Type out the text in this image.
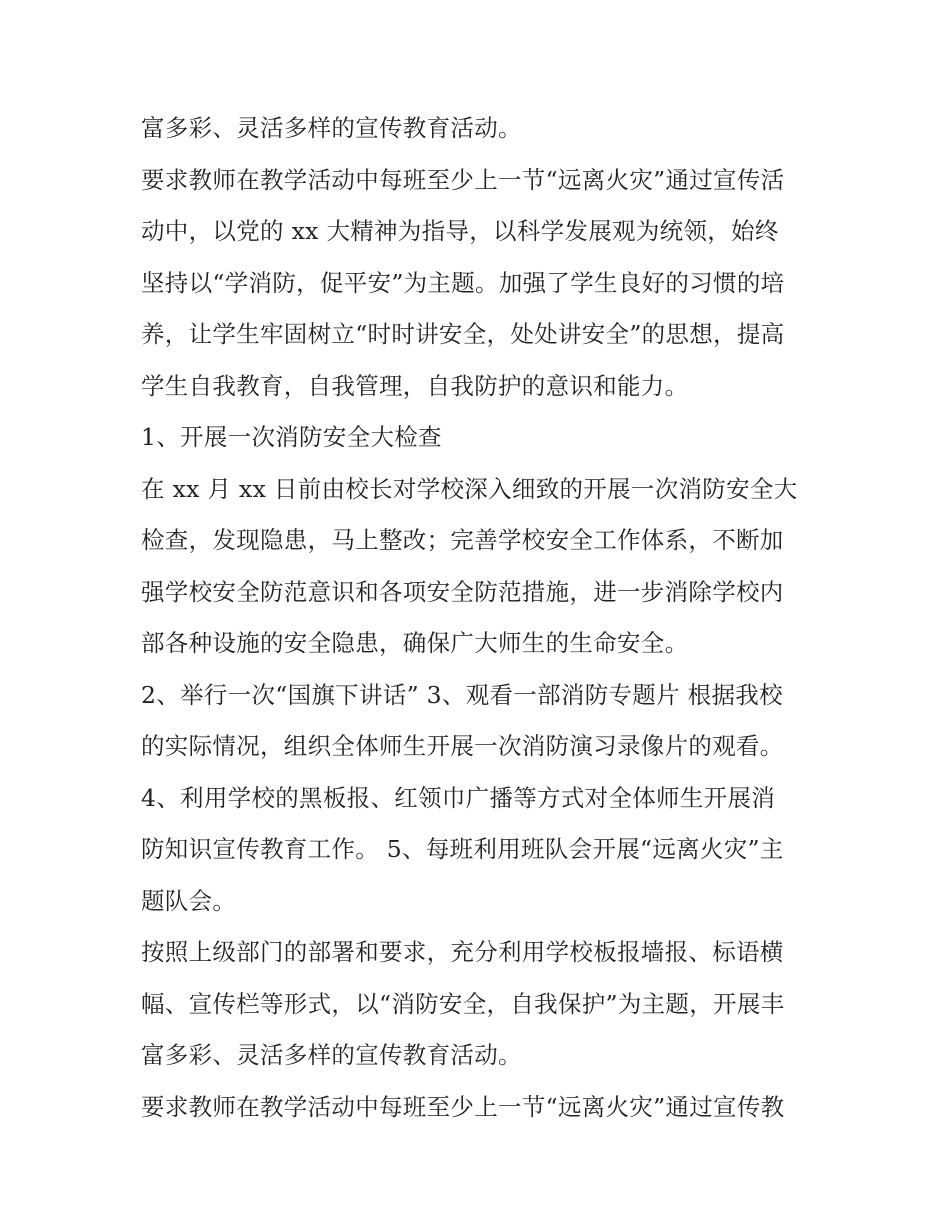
富多彩、灵活多样的宣传教育活动。
要求教师在教学活动中每班至少上一节“远离火灾”通过宣传活
动中，以党的 xx 大精神为指导，以科学发展观为统领，始终
坚持以“学消防，促平安”为主题。加强了学生良好的习惯的培
养，让学生牢固树立“时时讲安全，处处讲安全”的思想，提高
学生自我教育，自我管理，自我防护的意识和能力。
1、开展一次消防安全大检查
在 xx 月 xx 日前由校长对学校深入细致的开展一次消防安全大
检查，发现隐患，马上整改；完善学校安全工作体系，不断加
强学校安全防范意识和各项安全防范措施，进一步消除学校内
部各种设施的安全隐患，确保广大师生的生命安全。
2、举行一次“国旗下讲话” 3、观看一部消防专题片 根据我校
的实际情况，组织全体师生开展一次消防演习录像片的观看。
4、利用学校的黑板报、红领巾广播等方式对全体师生开展消
防知识宣传教育工作。 5、每班利用班队会开展“远离火灾”主
题队会。
按照上级部门的部署和要求，充分利用学校板报墙报、标语横
幅、宣传栏等形式，以“消防安全，自我保护”为主题，开展丰
富多彩、灵活多样的宣传教育活动。
要求教师在教学活动中每班至少上一节“远离火灾”通过宣传教
